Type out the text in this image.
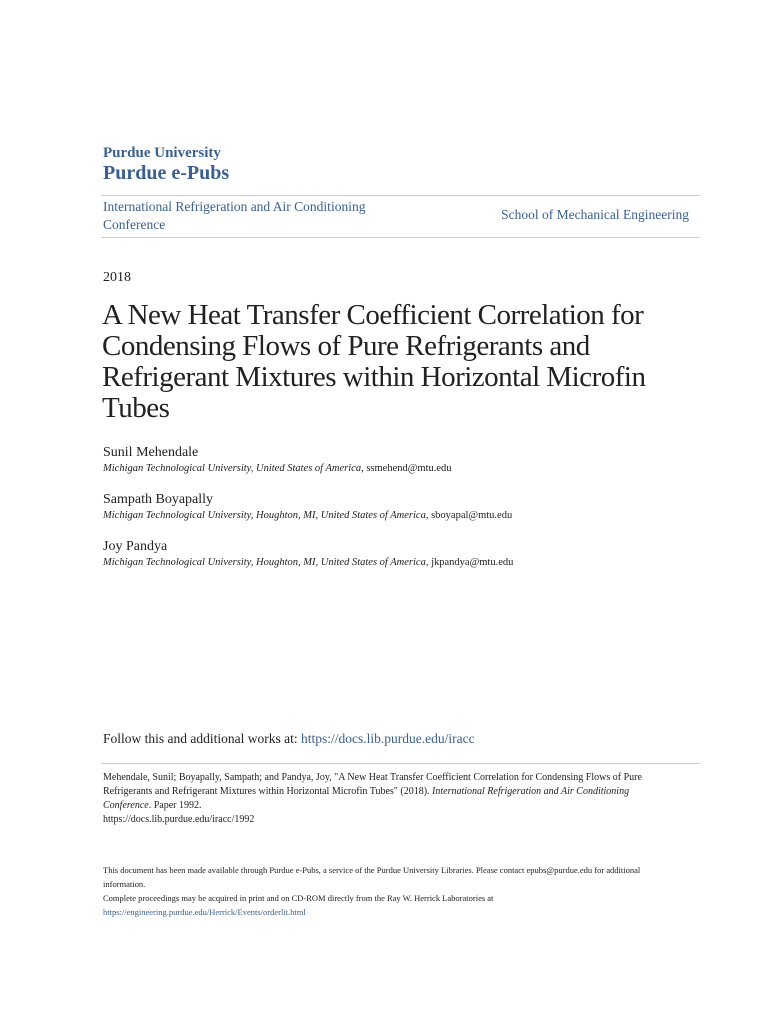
Purdue University
Purdue e-Pubs
International Refrigeration and Air Conditioning Conference
School of Mechanical Engineering
2018
A New Heat Transfer Coefficient Correlation for Condensing Flows of Pure Refrigerants and Refrigerant Mixtures within Horizontal Microfin Tubes
Sunil Mehendale
Michigan Technological University, United States of America, ssmehend@mtu.edu
Sampath Boyapally
Michigan Technological University, Houghton, MI, United States of America, sboyapal@mtu.edu
Joy Pandya
Michigan Technological University, Houghton, MI, United States of America, jkpandya@mtu.edu
Follow this and additional works at: https://docs.lib.purdue.edu/iracc
Mehendale, Sunil; Boyapally, Sampath; and Pandya, Joy, "A New Heat Transfer Coefficient Correlation for Condensing Flows of Pure Refrigerants and Refrigerant Mixtures within Horizontal Microfin Tubes" (2018). International Refrigeration and Air Conditioning Conference. Paper 1992.
https://docs.lib.purdue.edu/iracc/1992
This document has been made available through Purdue e-Pubs, a service of the Purdue University Libraries. Please contact epubs@purdue.edu for additional information.
Complete proceedings may be acquired in print and on CD-ROM directly from the Ray W. Herrick Laboratories at https://engineering.purdue.edu/Herrick/Events/orderlit.html
